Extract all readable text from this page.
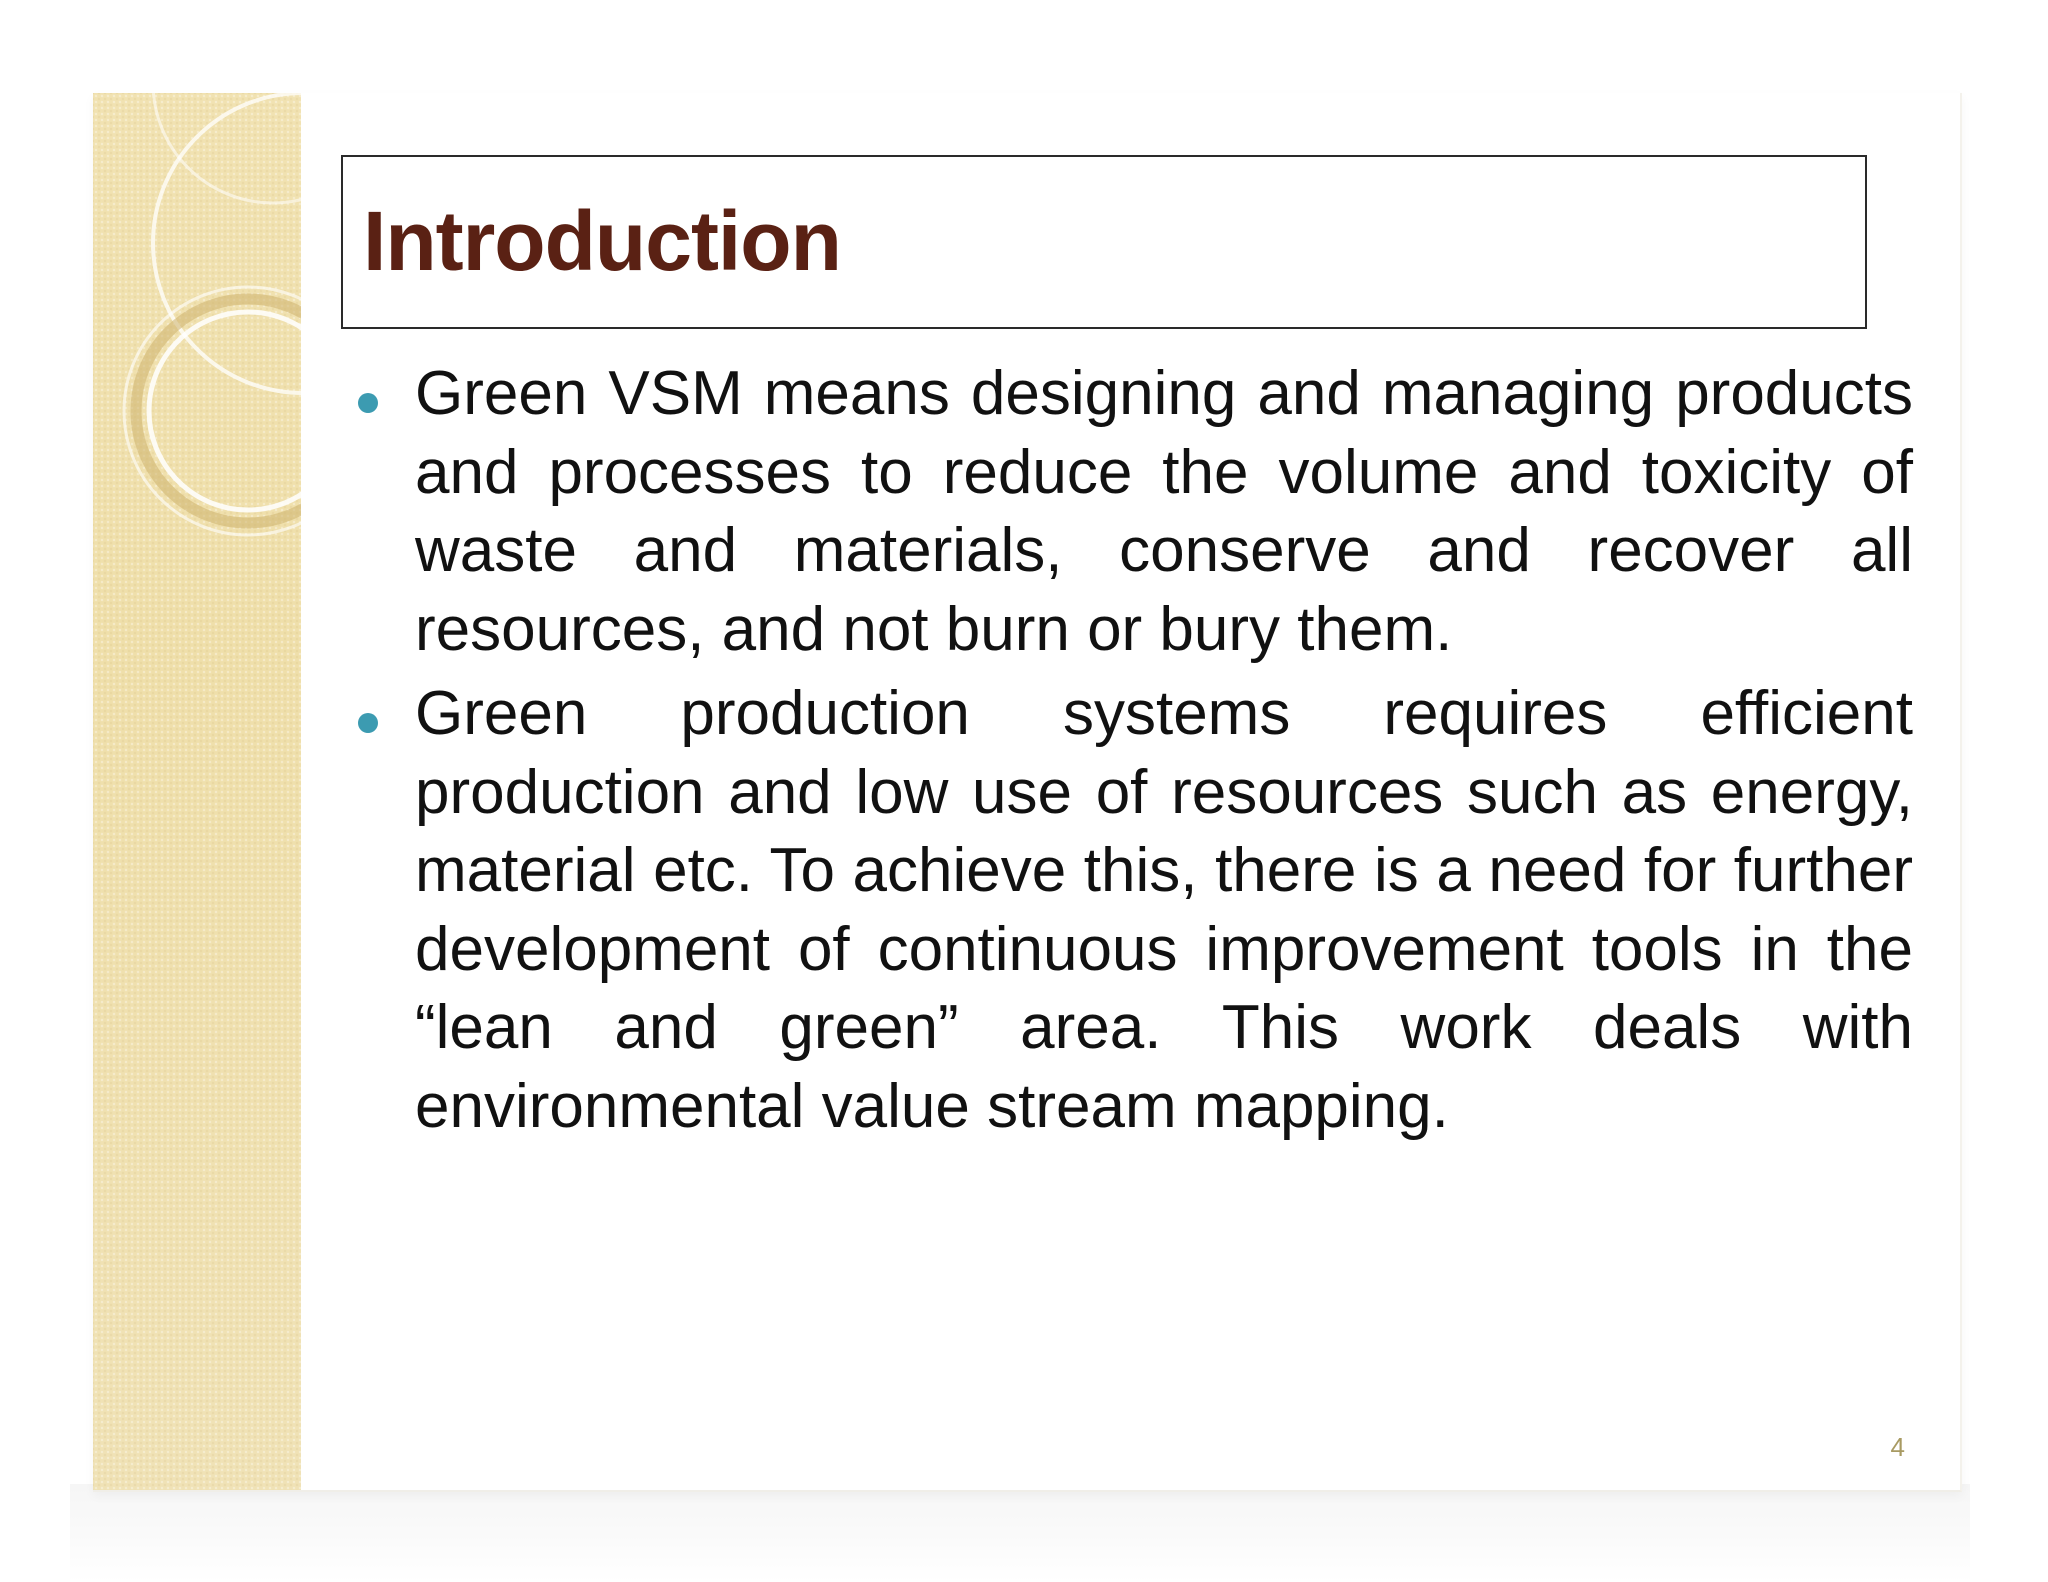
Introduction
Green VSM means designing and managing products and processes to reduce the volume and toxicity of waste and materials, conserve and recover all resources, and not burn or bury them.
Green production systems requires efficient production and low use of resources such as energy, material etc. To achieve this, there is a need for further development of continuous improvement tools in the “lean and green” area. This work deals with environmental value stream mapping.
4
